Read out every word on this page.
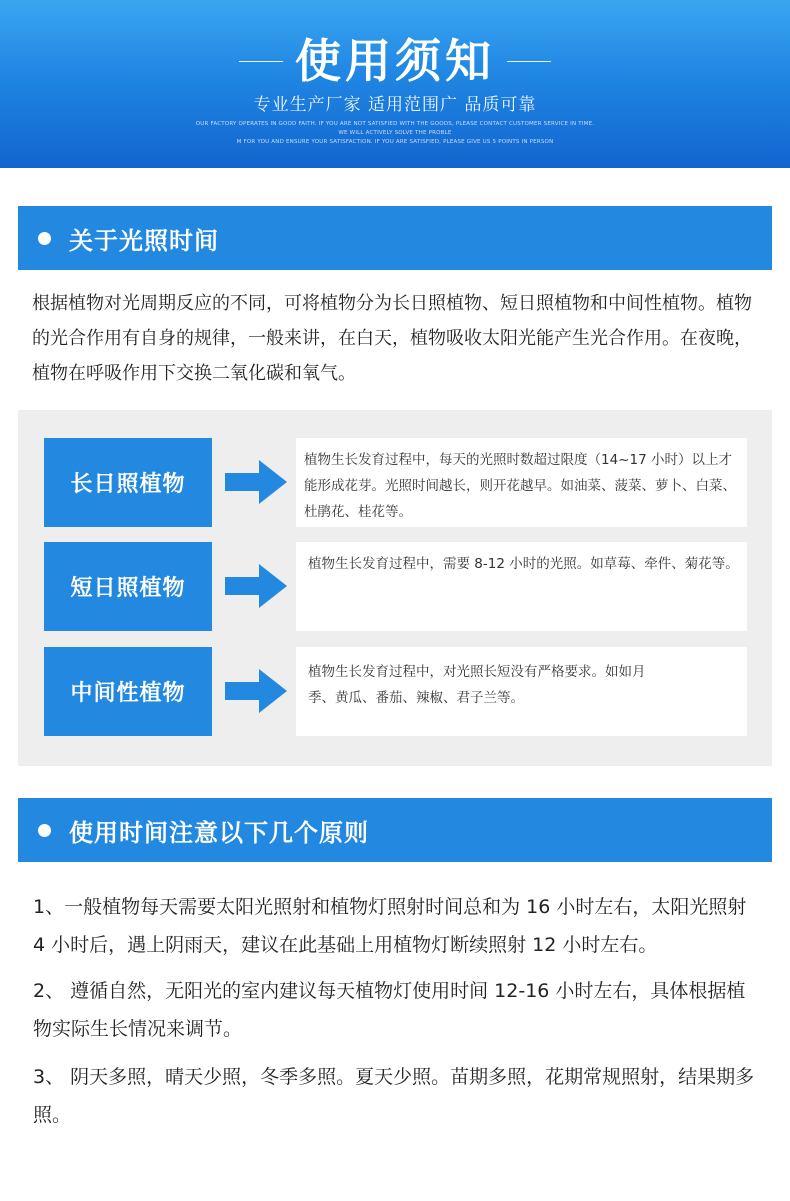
使用须知
专业生产厂家 适用范围广 品质可靠
OUR FACTORY OPERATES IN GOOD FAITH. IF YOU ARE NOT SATISFIED WITH THE GOODS, PLEASE CONTACT CUSTOMER SERVICE IN TIME. WE WILL ACTIVELY SOLVE THE PROBLE
M FOR YOU AND ENSURE YOUR SATISFACTION. IF YOU ARE SATISFIED, PLEASE GIVE US 5 POINTS IN PERSON
关于光照时间
根据植物对光周期反应的不同，可将植物分为长日照植物、短日照植物和中间性植物。植物的光合作用有自身的规律，一般来讲，在白天，植物吸收太阳光能产生光合作用。在夜晚，植物在呼吸作用下交换二氧化碳和氧气。
长日照植物
植物生长发育过程中，每天的光照时数超过限度（14~17 小时）以上才能形成花芽。光照时间越长，则开花越早。如油菜、菠菜、萝卜、白菜、杜鹃花、桂花等。
短日照植物
植物生长发育过程中，需要 8-12 小时的光照。如草莓、牵件、菊花等。
中间性植物
植物生长发育过程中，对光照长短没有严格要求。如如月季、黄瓜、番茄、辣椒、君子兰等。
使用时间注意以下几个原则
1、一般植物每天需要太阳光照射和植物灯照射时间总和为 16 小时左右，太阳光照射 4 小时后，遇上阴雨天，建议在此基础上用植物灯断续照射 12 小时左右。
2、 遵循自然，无阳光的室内建议每天植物灯使用时间 12-16 小时左右，具体根据植物实际生长情况来调节。
3、 阴天多照，晴天少照，冬季多照。夏天少照。苗期多照，花期常规照射，结果期多照。
